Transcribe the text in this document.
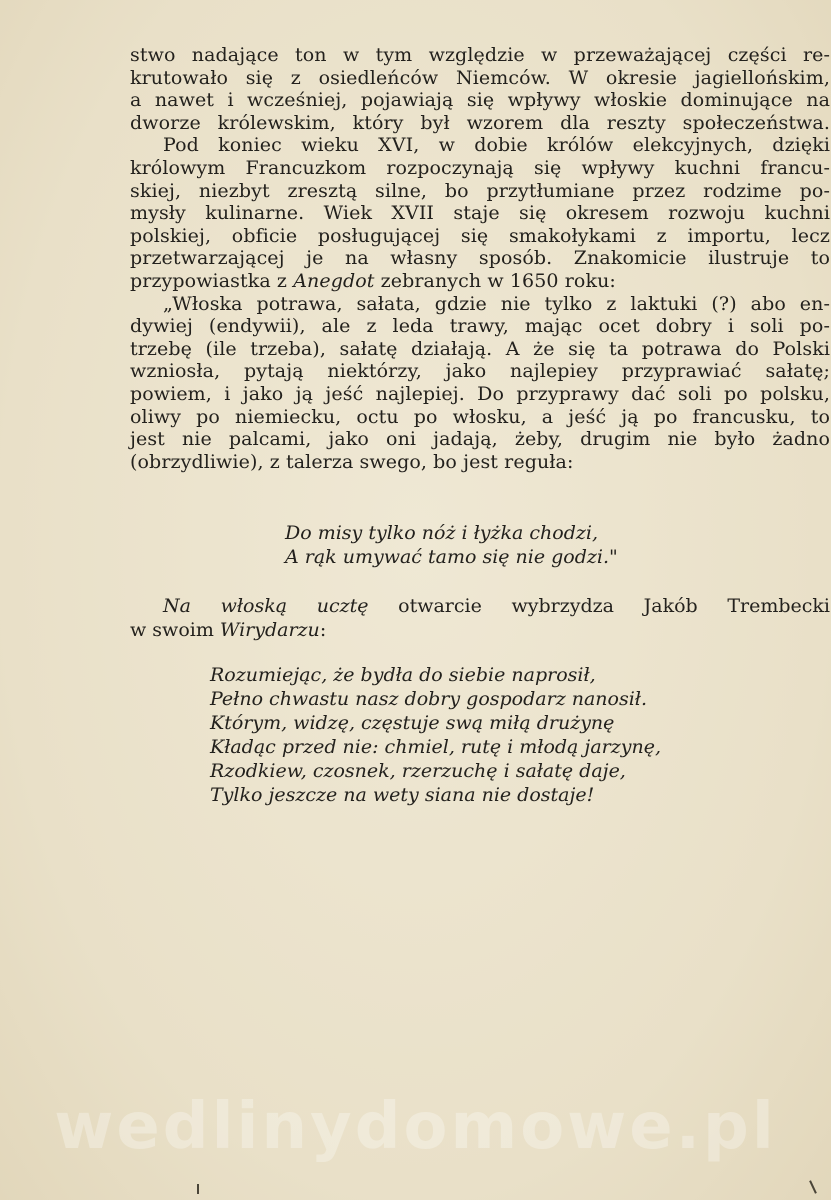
stwo nadające ton w tym względzie w przeważającej części re-
krutowało się z osiedleńców Niemców. W okresie jagiellońskim,
a nawet i wcześniej, pojawiają się wpływy włoskie dominujące na
dworze królewskim, który był wzorem dla reszty społeczeństwa.
Pod koniec wieku XVI, w dobie królów elekcyjnych, dzięki
królowym Francuzkom rozpoczynają się wpływy kuchni francu-
skiej, niezbyt zresztą silne, bo przytłumiane przez rodzime po-
mysły kulinarne. Wiek XVII staje się okresem rozwoju kuchni
polskiej, obficie posługującej się smakołykami z importu, lecz
przetwarzającej je na własny sposób. Znakomicie ilustruje to
przypowiastka z Anegdot zebranych w 1650 roku:
„Włoska potrawa, sałata, gdzie nie tylko z laktuki (?) abo en-
dywiej (endywii), ale z leda trawy, mając ocet dobry i soli po-
trzebę (ile trzeba), sałatę działają. A że się ta potrawa do Polski
wzniosła, pytają niektórzy, jako najlepiey przyprawiać sałatę;
powiem, i jako ją jeść najlepiej. Do przyprawy dać soli po polsku,
oliwy po niemiecku, octu po włosku, a jeść ją po francusku, to
jest nie palcami, jako oni jadają, żeby, drugim nie było żadno
(obrzydliwie), z talerza swego, bo jest reguła:
Do misy tylko nóż i łyżka chodzi,
A rąk umywać tamo się nie godzi."
Na włoską ucztę otwarcie wybrzydza Jakób Trembecki
w swoim Wirydarzu:
Rozumiejąc, że bydła do siebie naprosił,
Pełno chwastu nasz dobry gospodarz nanosił.
Którym, widzę, częstuje swą miłą drużynę
Kładąc przed nie: chmiel, rutę i młodą jarzynę,
Rzodkiew, czosnek, rzerzuchę i sałatę daje,
Tylko jeszcze na wety siana nie dostaje!
wedlinydomowe.pl
